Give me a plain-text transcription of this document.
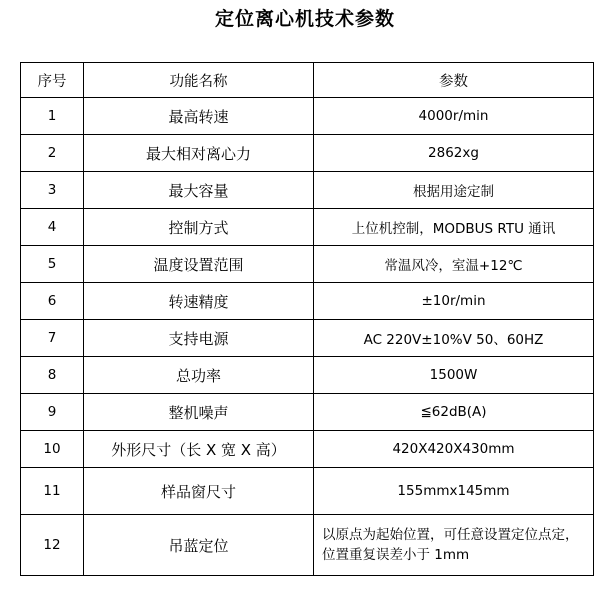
定位离心机技术参数
序号	功能名称	参数
1	最高转速	4000r/min
2	最大相对离心力	2862xg
3	最大容量	根据用途定制
4	控制方式	上位机控制，MODBUS RTU 通讯
5	温度设置范围	常温风冷，室温+12℃
6	转速精度	±10r/min
7	支持电源	AC 220V±10%V 50、60HZ
8	总功率	1500W
9	整机噪声	≦62dB(A)
10	外形尺寸（长 X 宽 X 高）	420X420X430mm
11	样品窗尺寸	155mmx145mm
12	吊蓝定位	以原点为起始位置，可任意设置定位点定，位置重复误差小于 1mm
